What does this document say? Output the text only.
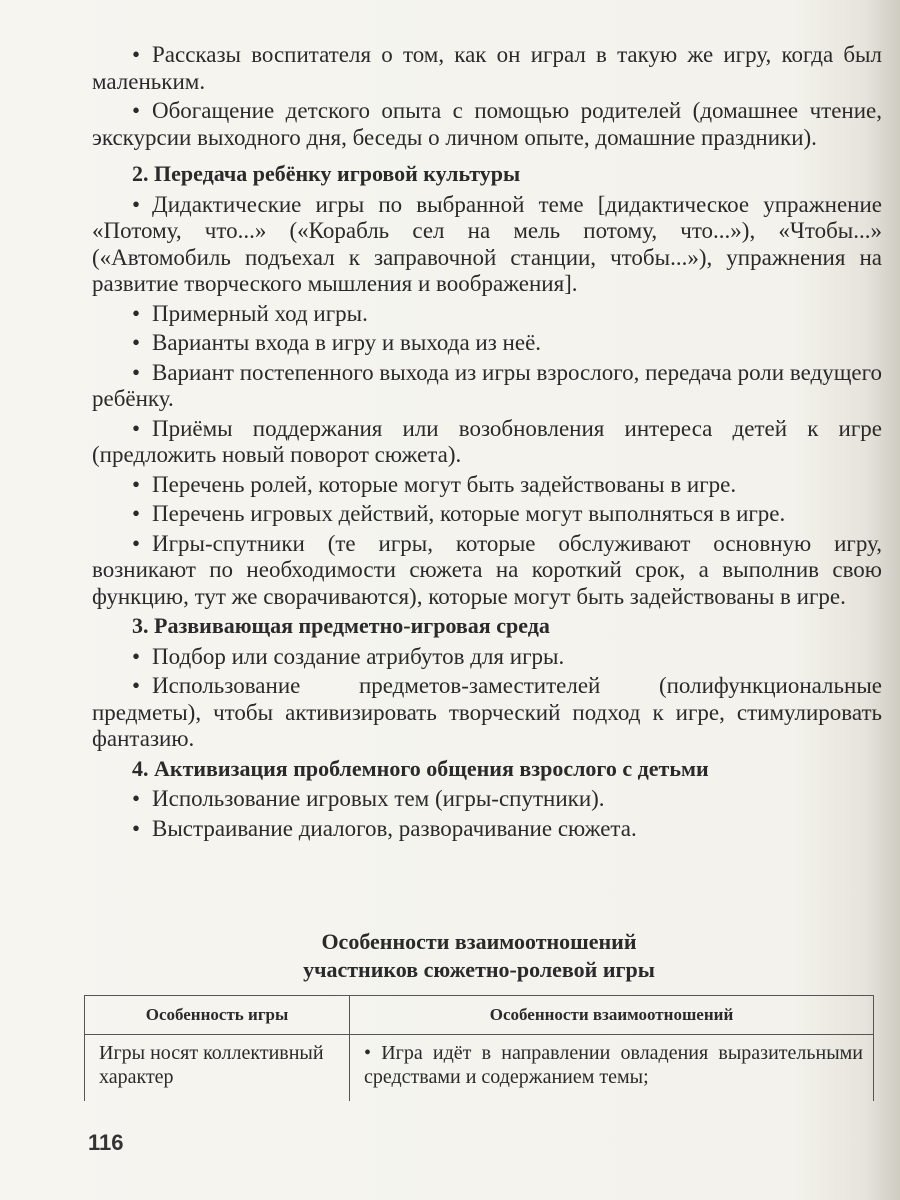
• Рассказы воспитателя о том, как он играл в такую же игру, когда был маленьким.

• Обогащение детского опыта с помощью родителей (домашнее чтение, экскурсии выходного дня, беседы о личном опыте, домашние праздники).

2. Передача ребёнку игровой культуры

• Дидактические игры по выбранной теме [дидактическое упражнение «Потому, что...» («Корабль сел на мель потому, что...»), «Чтобы...» («Автомобиль подъехал к заправочной станции, чтобы...»), упражнения на развитие творческого мышления и воображения].

• Примерный ход игры.

• Варианты входа в игру и выхода из неё.

• Вариант постепенного выхода из игры взрослого, передача роли ведущего ребёнку.

• Приёмы поддержания или возобновления интереса детей к игре (предложить новый поворот сюжета).

• Перечень ролей, которые могут быть задействованы в игре.

• Перечень игровых действий, которые могут выполняться в игре.

• Игры-спутники (те игры, которые обслуживают основную игру, возникают по необходимости сюжета на короткий срок, а выполнив свою функцию, тут же сворачиваются), которые могут быть задействованы в игре.

3. Развивающая предметно-игровая среда

• Подбор или создание атрибутов для игры.

• Использование предметов-заместителей (полифункциональные предметы), чтобы активизировать творческий подход к игре, стимулировать фантазию.

4. Активизация проблемного общения взрослого с детьми

• Использование игровых тем (игры-спутники).

• Выстраивание диалогов, разворачивание сюжета.

Особенности взаимоотношений
участников сюжетно-ролевой игры
Особенность игры	Особенности взаимоотношений
Игры носят коллективный характер	• Игра идёт в направлении овладения выразительными средствами и содержанием темы;
116
